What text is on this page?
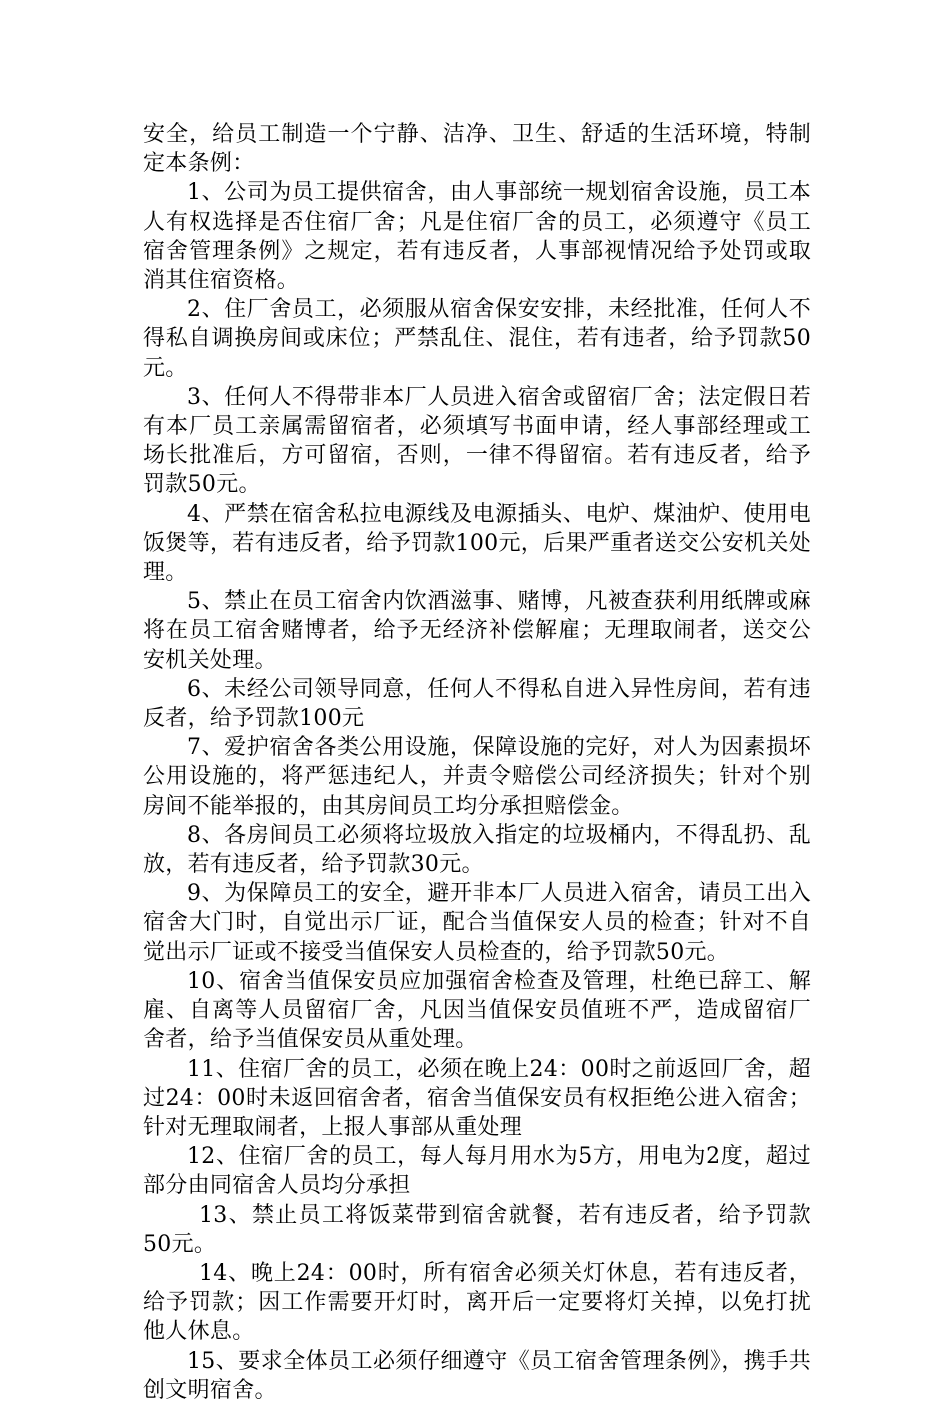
安全，给员工制造一个宁静、洁净、卫生、舒适的生活环境，特制定本条例：

1、公司为员工提供宿舍，由人事部统一规划宿舍设施，员工本人有权选择是否住宿厂舍；凡是住宿厂舍的员工，必须遵守《员工宿舍管理条例》之规定，若有违反者，人事部视情况给予处罚或取消其住宿资格。

2、住厂舍员工，必须服从宿舍保安安排，未经批准，任何人不得私自调换房间或床位；严禁乱住、混住，若有违者，给予罚款50元。

3、任何人不得带非本厂人员进入宿舍或留宿厂舍；法定假日若有本厂员工亲属需留宿者，必须填写书面申请，经人事部经理或工场长批准后，方可留宿，否则，一律不得留宿。若有违反者，给予罚款50元。

4、严禁在宿舍私拉电源线及电源插头、电炉、煤油炉、使用电饭煲等，若有违反者，给予罚款100元，后果严重者送交公安机关处理。

5、禁止在员工宿舍内饮酒滋事、赌博，凡被查获利用纸牌或麻将在员工宿舍赌博者，给予无经济补偿解雇；无理取闹者，送交公安机关处理。

6、未经公司领导同意，任何人不得私自进入异性房间，若有违反者，给予罚款100元

7、爱护宿舍各类公用设施，保障设施的完好，对人为因素损坏公用设施的，将严惩违纪人，并责令赔偿公司经济损失；针对个别房间不能举报的，由其房间员工均分承担赔偿金。

8、各房间员工必须将垃圾放入指定的垃圾桶内，不得乱扔、乱放，若有违反者，给予罚款30元。

9、为保障员工的安全，避开非本厂人员进入宿舍，请员工出入宿舍大门时，自觉出示厂证，配合当值保安人员的检查；针对不自觉出示厂证或不接受当值保安人员检查的，给予罚款50元。

10、宿舍当值保安员应加强宿舍检查及管理，杜绝已辞工、解雇、自离等人员留宿厂舍，凡因当值保安员值班不严，造成留宿厂舍者，给予当值保安员从重处理。

11、住宿厂舍的员工，必须在晚上24：00时之前返回厂舍，超过24：00时未返回宿舍者，宿舍当值保安员有权拒绝公进入宿舍；针对无理取闹者，上报人事部从重处理

12、住宿厂舍的员工，每人每月用水为5方，用电为2度，超过部分由同宿舍人员均分承担

13、禁止员工将饭菜带到宿舍就餐，若有违反者，给予罚款50元。

14、晚上24：00时，所有宿舍必须关灯休息，若有违反者，给予罚款；因工作需要开灯时，离开后一定要将灯关掉，以免打扰他人休息。

15、要求全体员工必须仔细遵守《员工宿舍管理条例》，携手共创文明宿舍。
